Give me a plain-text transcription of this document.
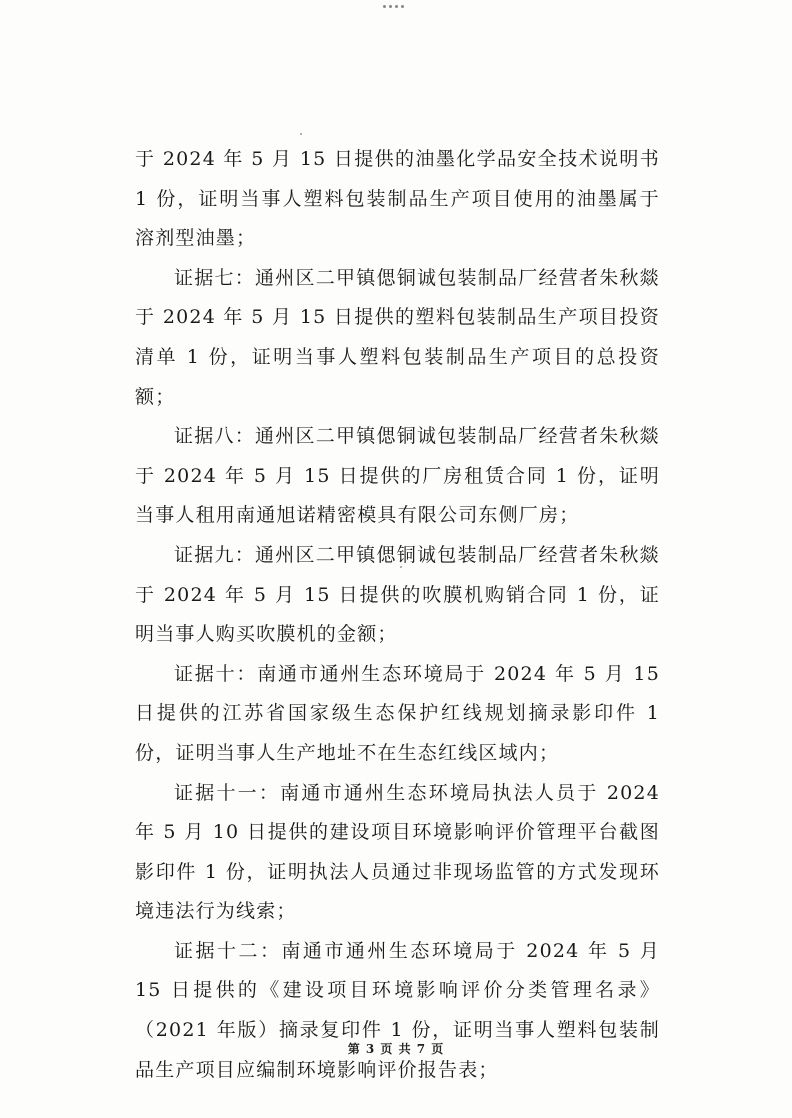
于 2024 年 5 月 15 日提供的油墨化学品安全技术说明书 1 份，证明当事人塑料包装制品生产项目使用的油墨属于溶剂型油墨；

证据七：通州区二甲镇偲铜诚包装制品厂经营者朱秋燚于 2024 年 5 月 15 日提供的塑料包装制品生产项目投资清单 1 份，证明当事人塑料包装制品生产项目的总投资额；

证据八：通州区二甲镇偲铜诚包装制品厂经营者朱秋燚于 2024 年 5 月 15 日提供的厂房租赁合同 1 份，证明当事人租用南通旭诺精密模具有限公司东侧厂房；

证据九：通州区二甲镇偲铜诚包装制品厂经营者朱秋燚于 2024 年 5 月 15 日提供的吹膜机购销合同 1 份，证明当事人购买吹膜机的金额；

证据十：南通市通州生态环境局于 2024 年 5 月 15 日提供的江苏省国家级生态保护红线规划摘录影印件 1 份，证明当事人生产地址不在生态红线区域内；

证据十一：南通市通州生态环境局执法人员于 2024 年 5 月 10 日提供的建设项目环境影响评价管理平台截图影印件 1 份，证明执法人员通过非现场监管的方式发现环境违法行为线索；

证据十二：南通市通州生态环境局于 2024 年 5 月 15 日提供的《建设项目环境影响评价分类管理名录》（2021 年版）摘录复印件 1 份，证明当事人塑料包装制品生产项目应编制环境影响评价报告表；

第 3 页 共 7 页
